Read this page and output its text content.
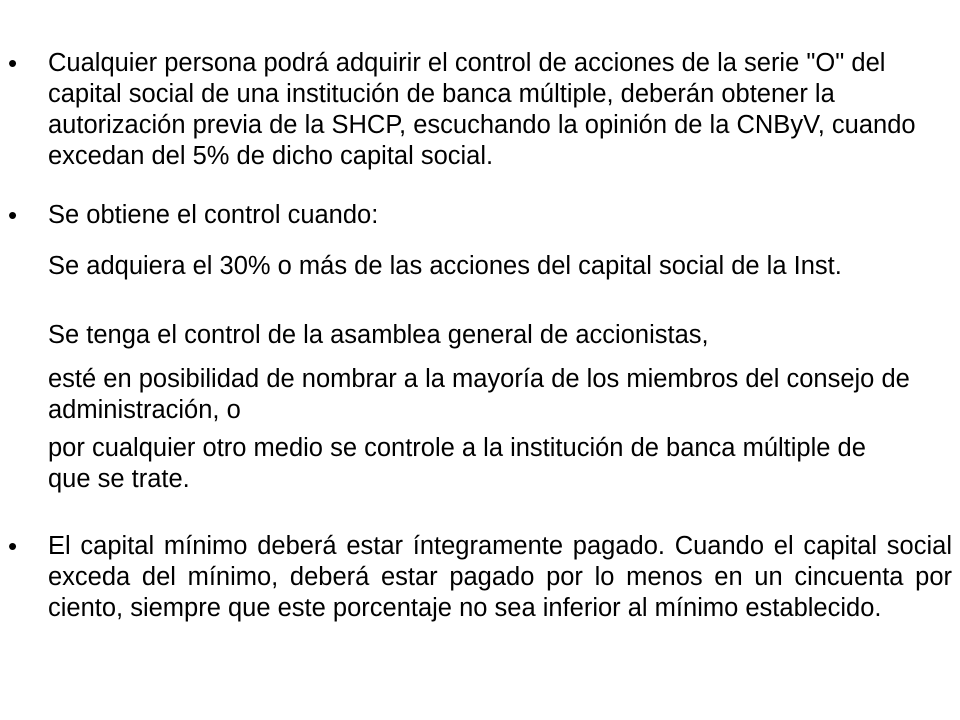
• Cualquier persona podrá adquirir el control de acciones de la serie "O" del capital social de una institución de banca múltiple, deberán obtener la autorización previa de la SHCP, escuchando la opinión de la CNByV, cuando excedan del 5% de dicho capital social.

• Se obtiene el control cuando:

Se adquiera el 30% o más de las acciones del capital social de la Inst.

Se tenga el control de la asamblea general de accionistas,

esté en posibilidad de nombrar a la mayoría de los miembros del consejo de administración, o

por cualquier otro medio se controle a la institución de banca múltiple de que se trate.

• El capital mínimo deberá estar íntegramente pagado. Cuando el capital social exceda del mínimo, deberá estar pagado por lo menos en un cincuenta por ciento, siempre que este porcentaje no sea inferior al mínimo establecido.
